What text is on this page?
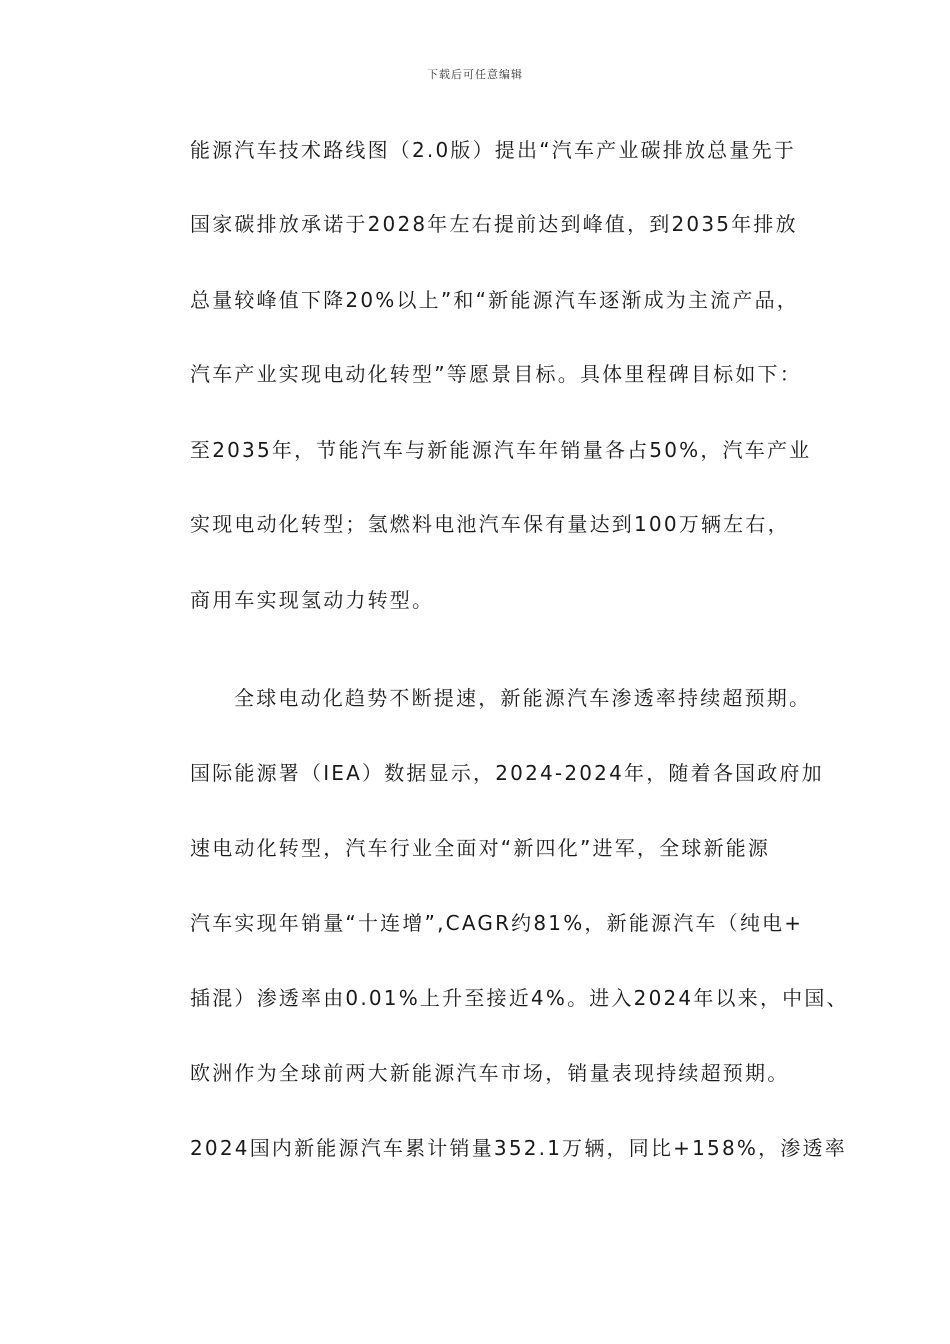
下载后可任意编辑
能源汽车技术路线图（2.0版）提出“汽车产业碳排放总量先于
国家碳排放承诺于2028年左右提前达到峰值，到2035年排放
总量较峰值下降20%以上”和“新能源汽车逐渐成为主流产品，
汽车产业实现电动化转型”等愿景目标。具体里程碑目标如下：
至2035年，节能汽车与新能源汽车年销量各占50%，汽车产业
实现电动化转型；氢燃料电池汽车保有量达到100万辆左右，
商用车实现氢动力转型。
全球电动化趋势不断提速，新能源汽车渗透率持续超预期。
国际能源署（IEA）数据显示，2024-2024年，随着各国政府加
速电动化转型，汽车行业全面对“新四化”进军，全球新能源
汽车实现年销量“十连增”,CAGR约81%，新能源汽车（纯电+
插混）渗透率由0.01%上升至接近4%。进入2024年以来，中国、
欧洲作为全球前两大新能源汽车市场，销量表现持续超预期。
2024国内新能源汽车累计销量352.1万辆，同比+158%，渗透率
